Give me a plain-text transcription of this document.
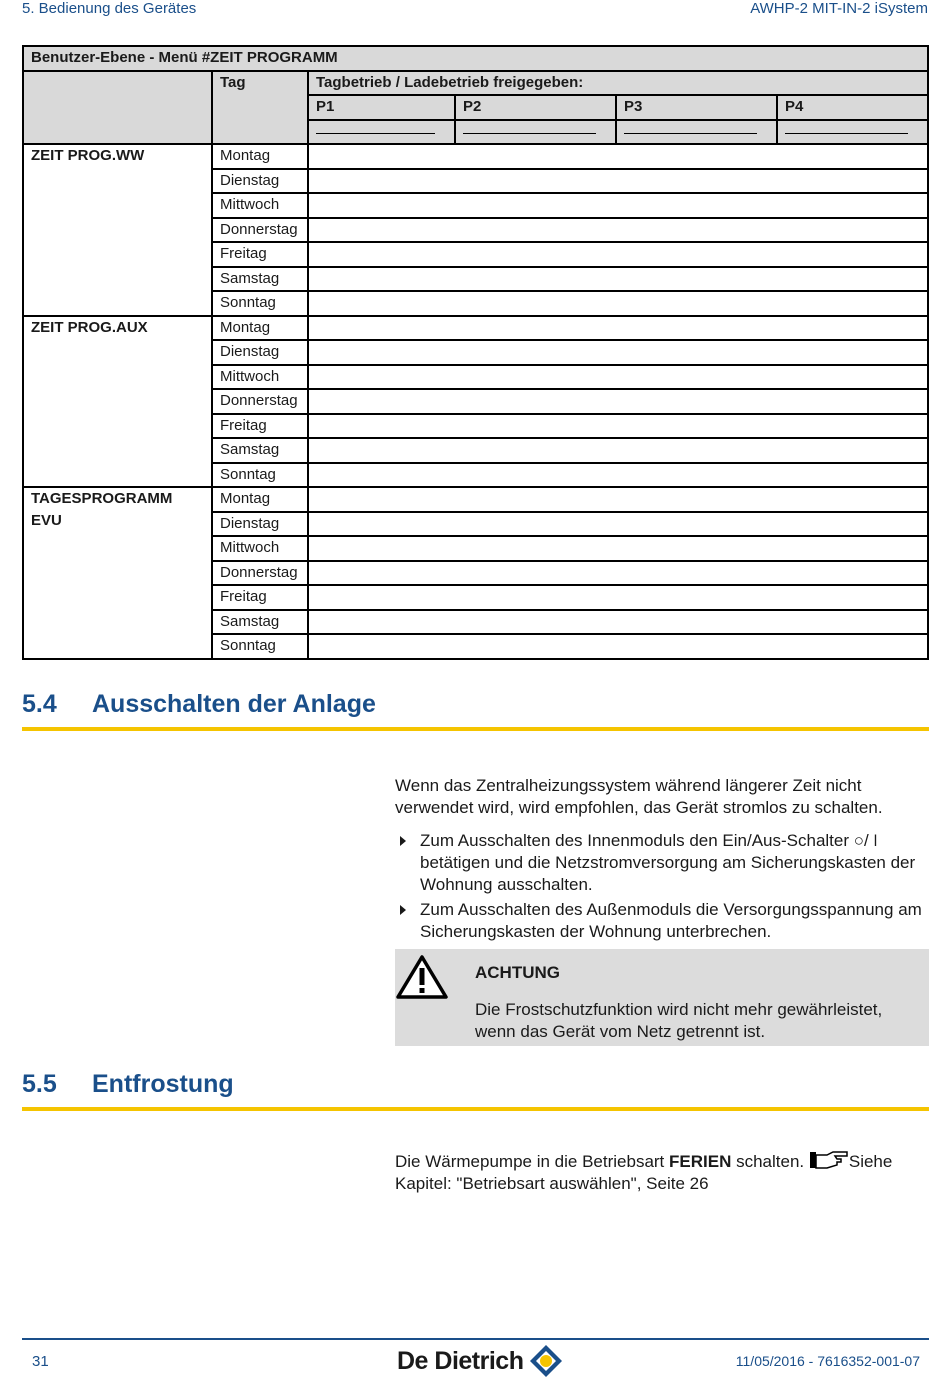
5. Bedienung des Gerätes	AWHP-2 MIT-IN-2 iSystem
Benutzer-Ebene - Menü #ZEIT PROGRAMM					
	Tag	Tagbetrieb / Ladebetrieb freigegeben:			
		P1	P2	P3	P4

ZEIT PROG.WW	Montag				
	Dienstag				
	Mittwoch				
	Donnerstag				
	Freitag				
	Samstag				
	Sonntag				
ZEIT PROG.AUX	Montag				
	Dienstag				
	Mittwoch				
	Donnerstag				
	Freitag				
	Samstag				
	Sonntag				
TAGESPROGRAMM EVU	Montag				
	Dienstag				
	Mittwoch				
	Donnerstag				
	Freitag				
	Samstag				
	Sonntag				
5.4 Ausschalten der Anlage
Wenn das Zentralheizungssystem während längerer Zeit nicht verwendet wird, wird empfohlen, das Gerät stromlos zu schalten.
Zum Ausschalten des Innenmoduls den Ein/Aus-Schalter ○/⏽ betätigen und die Netzstromversorgung am Sicherungskasten der Wohnung ausschalten.
Zum Ausschalten des Außenmoduls die Versorgungsspannung am Sicherungskasten der Wohnung unterbrechen.
ACHTUNG
Die Frostschutzfunktion wird nicht mehr gewährleistet, wenn das Gerät vom Netz getrennt ist.
5.5 Entfrostung
Die Wärmepumpe in die Betriebsart FERIEN schalten. Siehe Kapitel: "Betriebsart auswählen", Seite 26
31	De Dietrich	11/05/2016 - 7616352-001-07
